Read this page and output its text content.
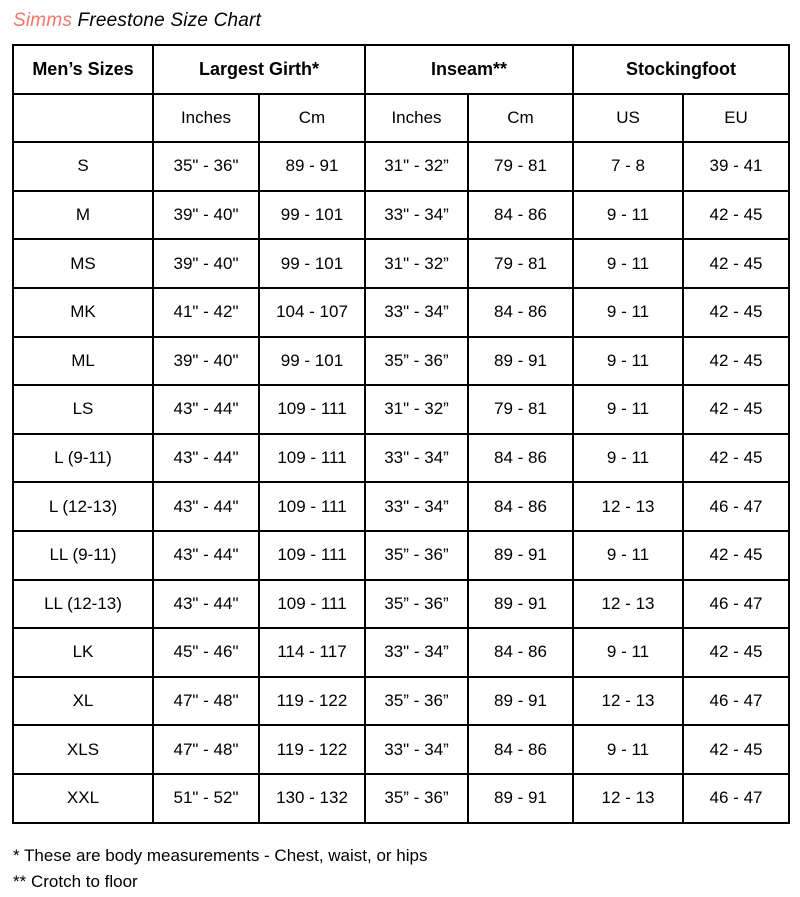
Simms Freestone Size Chart
Men’s Sizes	Largest Girth*		Inseam**		Stockingfoot	
	Inches	Cm	Inches	Cm	US	EU
S	35" - 36"	89 - 91	31" - 32”	79 - 81	7 - 8	39 - 41
M	39" - 40"	99 - 101	33" - 34”	84 - 86	9 - 11	42 - 45
MS	39" - 40"	99 - 101	31" - 32”	79 - 81	9 - 11	42 - 45
MK	41" - 42"	104 - 107	33" - 34”	84 - 86	9 - 11	42 - 45
ML	39" - 40"	99 - 101	35” - 36”	89 - 91	9 - 11	42 - 45
LS	43" - 44"	109 - 111	31" - 32”	79 - 81	9 - 11	42 - 45
L (9-11)	43" - 44"	109 - 111	33" - 34”	84 - 86	9 - 11	42 - 45
L (12-13)	43" - 44"	109 - 111	33" - 34”	84 - 86	12 - 13	46 - 47
LL (9-11)	43" - 44"	109 - 111	35” - 36”	89 - 91	9 - 11	42 - 45
LL (12-13)	43" - 44"	109 - 111	35” - 36”	89 - 91	12 - 13	46 - 47
LK	45" - 46"	114 - 117	33" - 34”	84 - 86	9 - 11	42 - 45
XL	47" - 48"	119 - 122	35” - 36”	89 - 91	12 - 13	46 - 47
XLS	47" - 48"	119 - 122	33" - 34”	84 - 86	9 - 11	42 - 45
XXL	51" - 52"	130 - 132	35” - 36”	89 - 91	12 - 13	46 - 47
* These are body measurements - Chest, waist, or hips
** Crotch to floor
